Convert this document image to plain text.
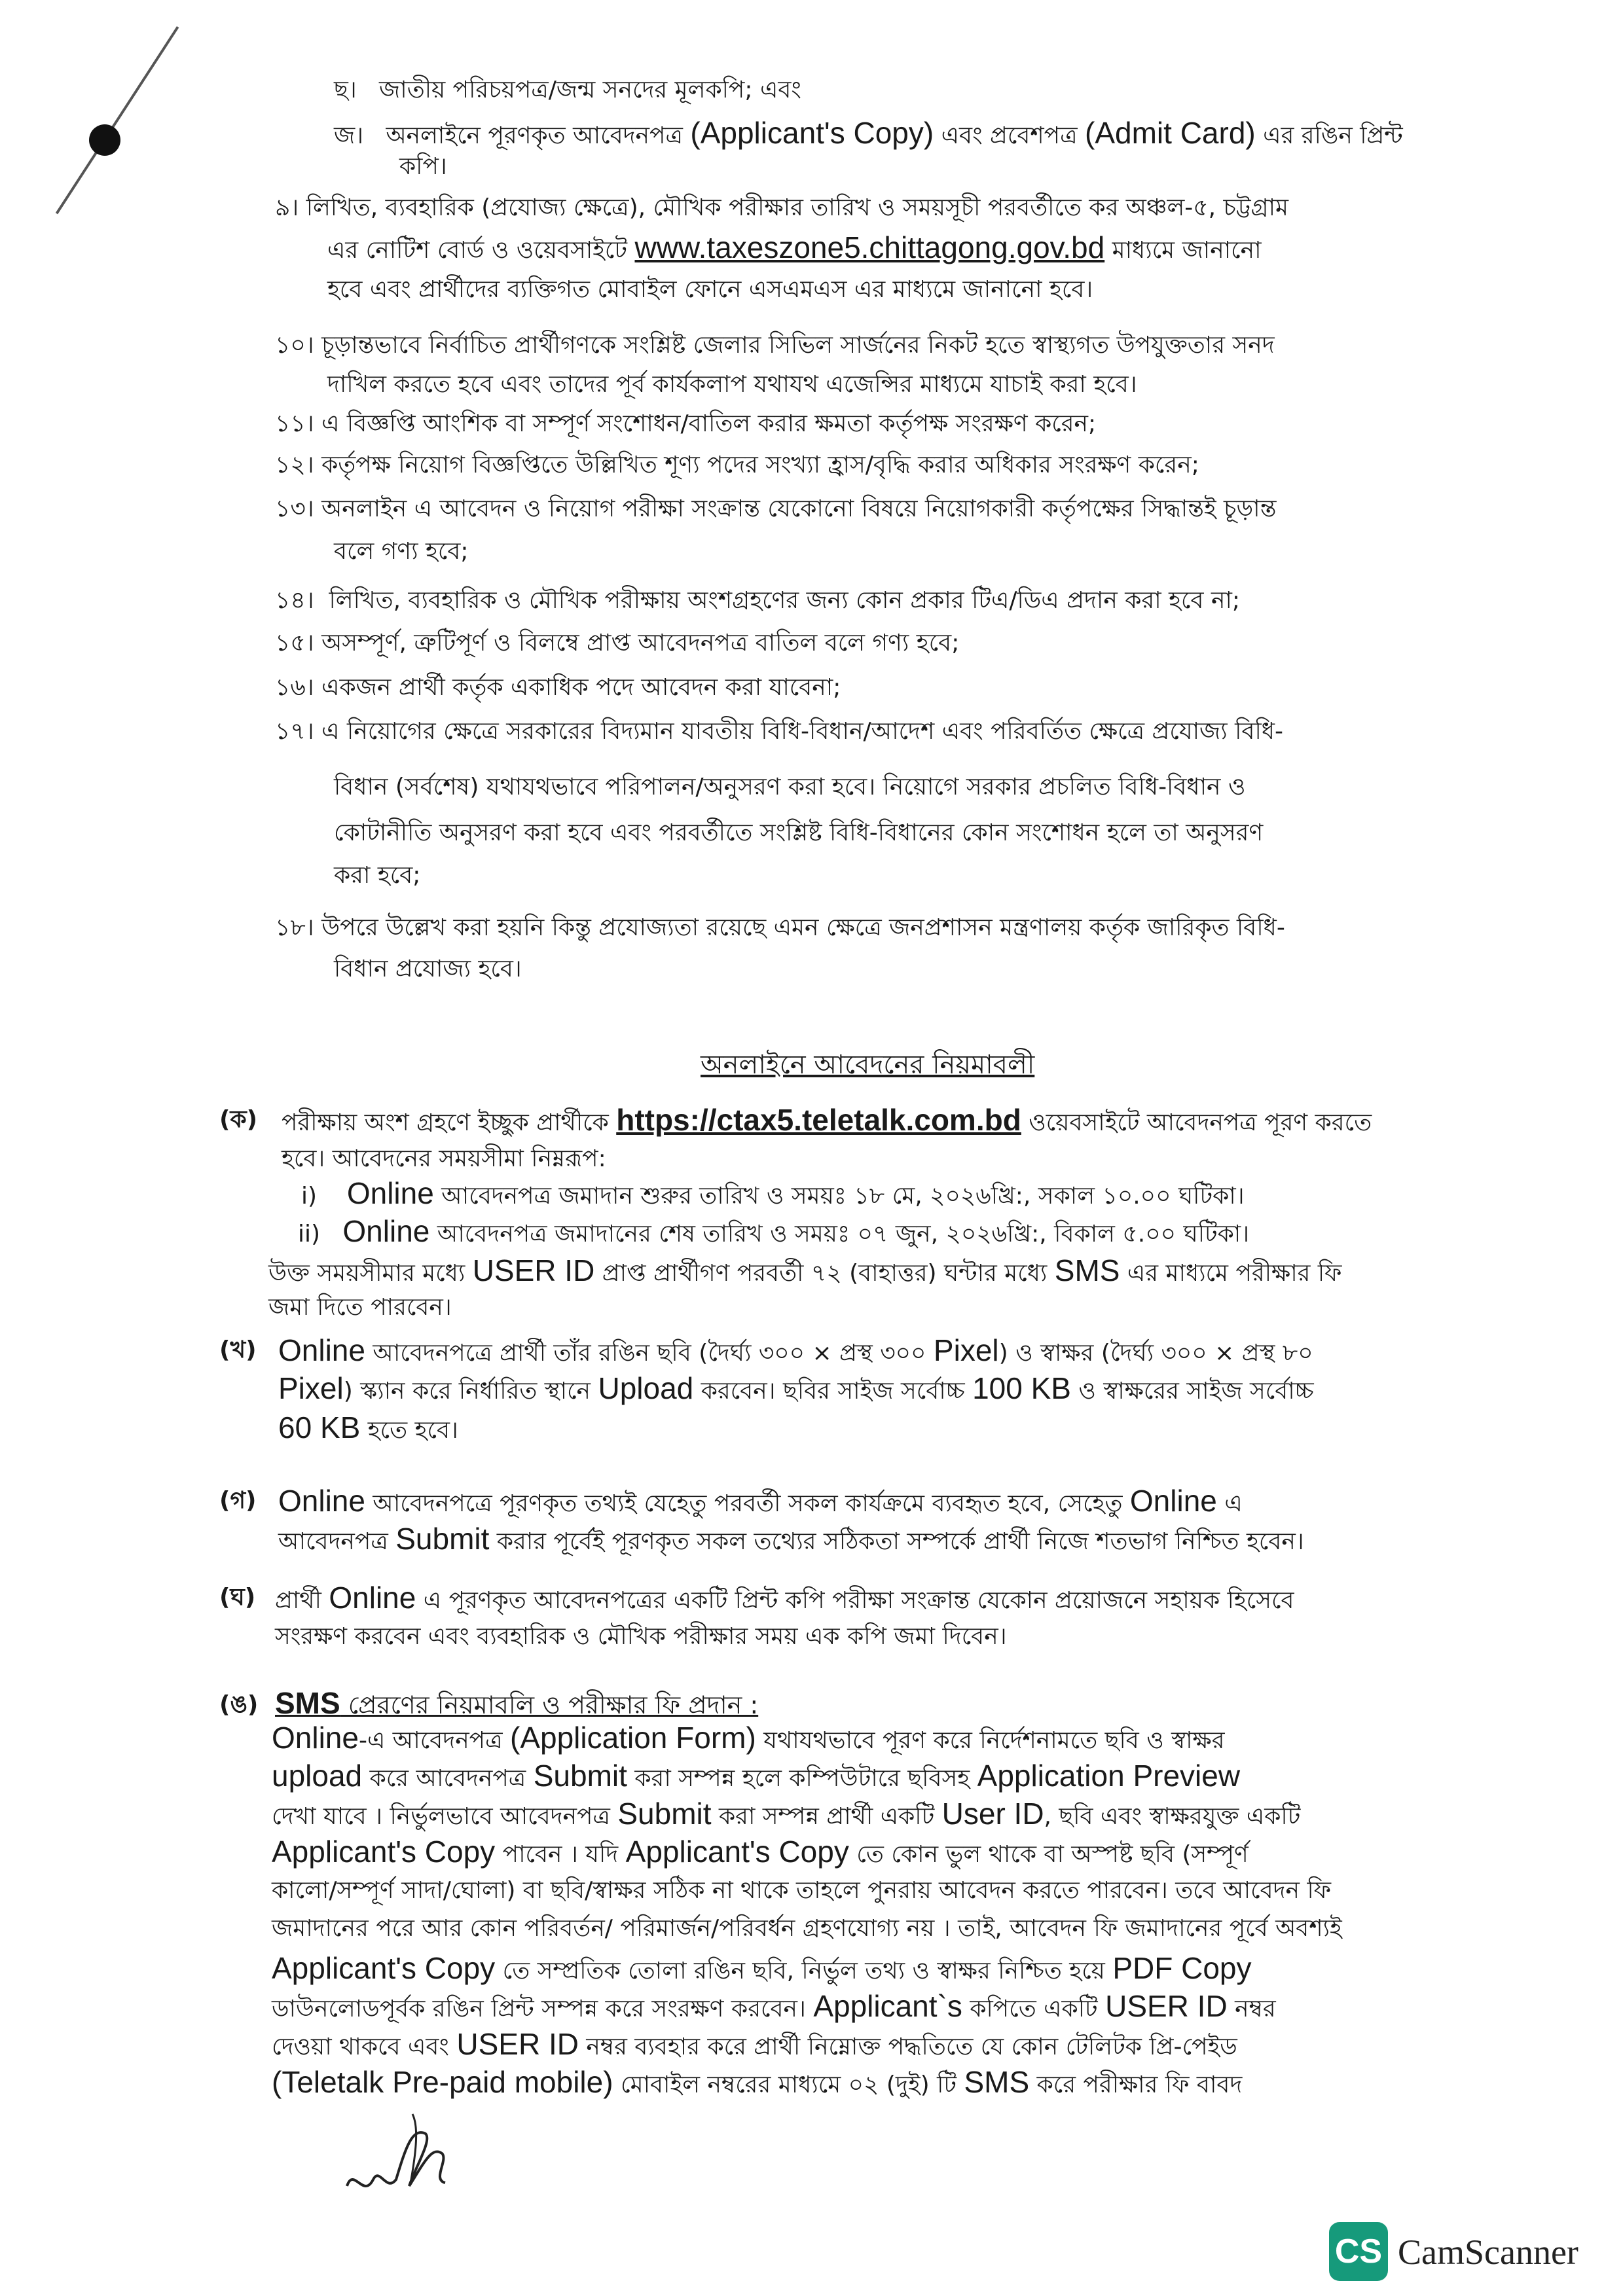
ছ। জাতীয় পরিচয়পত্র/জন্ম সনদের মূলকপি; এবং
জ। অনলাইনে পূরণকৃত আবেদনপত্র (Applicant's Copy) এবং প্রবেশপত্র (Admit Card) এর রঙিন প্রিন্ট
কপি।
৯। লিখিত, ব্যবহারিক (প্রযোজ্য ক্ষেত্রে), মৌখিক পরীক্ষার তারিখ ও সময়সূচী পরবর্তীতে কর অঞ্চল-৫, চট্টগ্রাম
এর নোটিশ বোর্ড ও ওয়েবসাইটে www.taxeszone5.chittagong.gov.bd মাধ্যমে জানানো
হবে এবং প্রার্থীদের ব্যক্তিগত মোবাইল ফোনে এসএমএস এর মাধ্যমে জানানো হবে।
১০। চূড়ান্তভাবে নির্বাচিত প্রার্থীগণকে সংশ্লিষ্ট জেলার সিভিল সার্জনের নিকট হতে স্বাস্থ্যগত উপযুক্ততার সনদ
দাখিল করতে হবে এবং তাদের পূর্ব কার্যকলাপ যথাযথ এজেন্সির মাধ্যমে যাচাই করা হবে।
১১। এ বিজ্ঞপ্তি আংশিক বা সম্পূর্ণ সংশোধন/বাতিল করার ক্ষমতা কর্তৃপক্ষ সংরক্ষণ করেন;
১২। কর্তৃপক্ষ নিয়োগ বিজ্ঞপ্তিতে উল্লিখিত শূণ্য পদের সংখ্যা হ্রাস/বৃদ্ধি করার অধিকার সংরক্ষণ করেন;
১৩। অনলাইন এ আবেদন ও নিয়োগ পরীক্ষা সংক্রান্ত যেকোনো বিষয়ে নিয়োগকারী কর্তৃপক্ষের সিদ্ধান্তই চূড়ান্ত
বলে গণ্য হবে;
১৪। লিখিত, ব্যবহারিক ও মৌখিক পরীক্ষায় অংশগ্রহণের জন্য কোন প্রকার টিএ/ডিএ প্রদান করা হবে না;
১৫। অসম্পূর্ণ, ত্রুটিপূর্ণ ও বিলম্বে প্রাপ্ত আবেদনপত্র বাতিল বলে গণ্য হবে;
১৬। একজন প্রার্থী কর্তৃক একাধিক পদে আবেদন করা যাবেনা;
১৭। এ নিয়োগের ক্ষেত্রে সরকারের বিদ্যমান যাবতীয় বিধি-বিধান/আদেশ এবং পরিবর্তিত ক্ষেত্রে প্রযোজ্য বিধি-
বিধান (সর্বশেষ) যথাযথভাবে পরিপালন/অনুসরণ করা হবে। নিয়োগে সরকার প্রচলিত বিধি-বিধান ও
কোটানীতি অনুসরণ করা হবে এবং পরবর্তীতে সংশ্লিষ্ট বিধি-বিধানের কোন সংশোধন হলে তা অনুসরণ
করা হবে;
১৮। উপরে উল্লেখ করা হয়নি কিন্তু প্রযোজ্যতা রয়েছে এমন ক্ষেত্রে জনপ্রশাসন মন্ত্রণালয় কর্তৃক জারিকৃত বিধি-
বিধান প্রযোজ্য হবে।
অনলাইনে আবেদনের নিয়মাবলী
(ক) পরীক্ষায় অংশ গ্রহণে ইচ্ছুক প্রার্থীকে https://ctax5.teletalk.com.bd ওয়েবসাইটে আবেদনপত্র পূরণ করতে
হবে। আবেদনের সময়সীমা নিম্নরূপ:
i) Online আবেদনপত্র জমাদান শুরুর তারিখ ও সময়ঃ ১৮ মে, ২০২৬খ্রি:, সকাল ১০.০০ ঘটিকা।
ii) Online আবেদনপত্র জমাদানের শেষ তারিখ ও সময়ঃ ০৭ জুন, ২০২৬খ্রি:, বিকাল ৫.০০ ঘটিকা।
উক্ত সময়সীমার মধ্যে USER ID প্রাপ্ত প্রার্থীগণ পরবর্তী ৭২ (বাহাত্তর) ঘন্টার মধ্যে SMS এর মাধ্যমে পরীক্ষার ফি
জমা দিতে পারবেন।
(খ) Online আবেদনপত্রে প্রার্থী তাঁর রঙিন ছবি (দৈর্ঘ্য ৩০০ × প্রস্থ ৩০০ Pixel) ও স্বাক্ষর (দৈর্ঘ্য ৩০০ × প্রস্থ ৮০
Pixel) স্ক্যান করে নির্ধারিত স্থানে Upload করবেন। ছবির সাইজ সর্বোচ্চ 100 KB ও স্বাক্ষরের সাইজ সর্বোচ্চ
60 KB হতে হবে।
(গ) Online আবেদনপত্রে পূরণকৃত তথ্যই যেহেতু পরবর্তী সকল কার্যক্রমে ব্যবহৃত হবে, সেহেতু Online এ
আবেদনপত্র Submit করার পূর্বেই পূরণকৃত সকল তথ্যের সঠিকতা সম্পর্কে প্রার্থী নিজে শতভাগ নিশ্চিত হবেন।
(ঘ) প্রার্থী Online এ পূরণকৃত আবেদনপত্রের একটি প্রিন্ট কপি পরীক্ষা সংক্রান্ত যেকোন প্রয়োজনে সহায়ক হিসেবে
সংরক্ষণ করবেন এবং ব্যবহারিক ও মৌখিক পরীক্ষার সময় এক কপি জমা দিবেন।
(ঙ) SMS প্রেরণের নিয়মাবলি ও পরীক্ষার ফি প্রদান :
Online-এ আবেদনপত্র (Application Form) যথাযথভাবে পূরণ করে নির্দেশনামতে ছবি ও স্বাক্ষর
upload করে আবেদনপত্র Submit করা সম্পন্ন হলে কম্পিউটারে ছবিসহ Application Preview
দেখা যাবে । নির্ভুলভাবে আবেদনপত্র Submit করা সম্পন্ন প্রার্থী একটি User ID, ছবি এবং স্বাক্ষরযুক্ত একটি
Applicant's Copy পাবেন । যদি Applicant's Copy তে কোন ভুল থাকে বা অস্পষ্ট ছবি (সম্পূর্ণ
কালো/সম্পূর্ণ সাদা/ঘোলা) বা ছবি/স্বাক্ষর সঠিক না থাকে তাহলে পুনরায় আবেদন করতে পারবেন। তবে আবেদন ফি
জমাদানের পরে আর কোন পরিবর্তন/ পরিমার্জন/পরিবর্ধন গ্রহণযোগ্য নয় । তাই, আবেদন ফি জমাদানের পূর্বে অবশ্যই
Applicant's Copy তে সম্প্রতিক তোলা রঙিন ছবি, নির্ভুল তথ্য ও স্বাক্ষর নিশ্চিত হয়ে PDF Copy
ডাউনলোডপূর্বক রঙিন প্রিন্ট সম্পন্ন করে সংরক্ষণ করবেন। Applicant`s কপিতে একটি USER ID নম্বর
দেওয়া থাকবে এবং USER ID নম্বর ব্যবহার করে প্রার্থী নিম্নোক্ত পদ্ধতিতে যে কোন টেলিটক প্রি-পেইড
(Teletalk Pre-paid mobile) মোবাইল নম্বরের মাধ্যমে ০২ (দুই) টি SMS করে পরীক্ষার ফি বাবদ
CS CamScanner
